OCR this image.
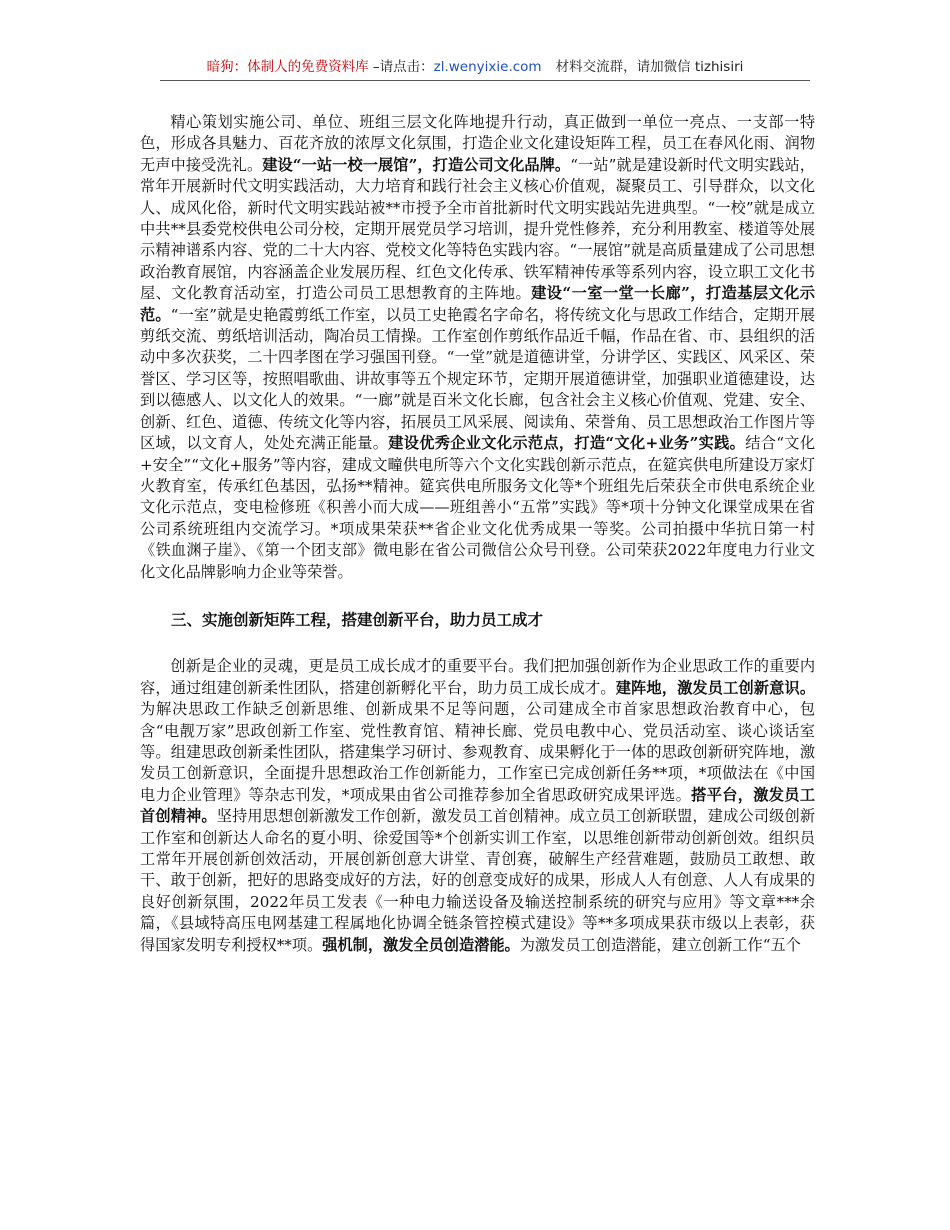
暗狗：体制人的免费资料库 –请点击：zl.wenyixie.com 材料交流群，请加微信 tizhisiri

精心策划实施公司、单位、班组三层文化阵地提升行动，真正做到一单位一亮点、一支部一特色，形成各具魅力、百花齐放的浓厚文化氛围，打造企业文化建设矩阵工程，员工在春风化雨、润物无声中接受洗礼。建设“一站一校一展馆”，打造公司文化品牌。“一站”就是建设新时代文明实践站，常年开展新时代文明实践活动，大力培育和践行社会主义核心价值观，凝聚员工、引导群众，以文化人、成风化俗，新时代文明实践站被**市授予全市首批新时代文明实践站先进典型。“一校”就是成立中共**县委党校供电公司分校，定期开展党员学习培训，提升党性修养，充分利用教室、楼道等处展示精神谱系内容、党的二十大内容、党校文化等特色实践内容。“一展馆”就是高质量建成了公司思想政治教育展馆，内容涵盖企业发展历程、红色文化传承、铁军精神传承等系列内容，设立职工文化书屋、文化教育活动室，打造公司员工思想教育的主阵地。建设“一室一堂一长廊”，打造基层文化示范。“一室”就是史艳霞剪纸工作室，以员工史艳霞名字命名，将传统文化与思政工作结合，定期开展剪纸交流、剪纸培训活动，陶冶员工情操。工作室创作剪纸作品近千幅，作品在省、市、县组织的活动中多次获奖，二十四孝图在学习强国刊登。“一堂”就是道德讲堂，分讲学区、实践区、风采区、荣誉区、学习区等，按照唱歌曲、讲故事等五个规定环节，定期开展道德讲堂，加强职业道德建设，达到以德感人、以文化人的效果。“一廊”就是百米文化长廊，包含社会主义核心价值观、党建、安全、创新、红色、道德、传统文化等内容，拓展员工风采展、阅读角、荣誉角、员工思想政治工作图片等区域，以文育人，处处充满正能量。建设优秀企业文化示范点，打造“文化+业务”实践。结合“文化+安全”“文化+服务”等内容，建成文疃供电所等六个文化实践创新示范点，在筵宾供电所建设万家灯火教育室，传承红色基因，弘扬**精神。筵宾供电所服务文化等*个班组先后荣获全市供电系统企业文化示范点，变电检修班《积善小而大成——班组善小“五常”实践》等*项十分钟文化课堂成果在省公司系统班组内交流学习。*项成果荣获**省企业文化优秀成果一等奖。公司拍摄中华抗日第一村《铁血渊子崖》、《第一个团支部》微电影在省公司微信公众号刊登。公司荣获2022年度电力行业文化文化品牌影响力企业等荣誉。

三、实施创新矩阵工程，搭建创新平台，助力员工成才

创新是企业的灵魂，更是员工成长成才的重要平台。我们把加强创新作为企业思政工作的重要内容，通过组建创新柔性团队，搭建创新孵化平台，助力员工成长成才。建阵地，激发员工创新意识。为解决思政工作缺乏创新思维、创新成果不足等问题，公司建成全市首家思想政治教育中心，包含“电靓万家”思政创新工作室、党性教育馆、精神长廊、党员电教中心、党员活动室、谈心谈话室等。组建思政创新柔性团队，搭建集学习研讨、参观教育、成果孵化于一体的思政创新研究阵地，激发员工创新意识，全面提升思想政治工作创新能力，工作室已完成创新任务**项，*项做法在《中国电力企业管理》等杂志刊发，*项成果由省公司推荐参加全省思政研究成果评选。搭平台，激发员工首创精神。坚持用思想创新激发工作创新，激发员工首创精神。成立员工创新联盟，建成公司级创新工作室和创新达人命名的夏小明、徐爱国等*个创新实训工作室，以思维创新带动创新创效。组织员工常年开展创新创效活动，开展创新创意大讲堂、青创赛，破解生产经营难题，鼓励员工敢想、敢干、敢于创新，把好的思路变成好的方法，好的创意变成好的成果，形成人人有创意、人人有成果的良好创新氛围，2022年员工发表《一种电力输送设备及输送控制系统的研究与应用》等文章***余篇，《县域特高压电网基建工程属地化协调全链条管控模式建设》等**多项成果获市级以上表彰，获得国家发明专利授权**项。强机制，激发全员创造潜能。为激发员工创造潜能，建立创新工作“五个
